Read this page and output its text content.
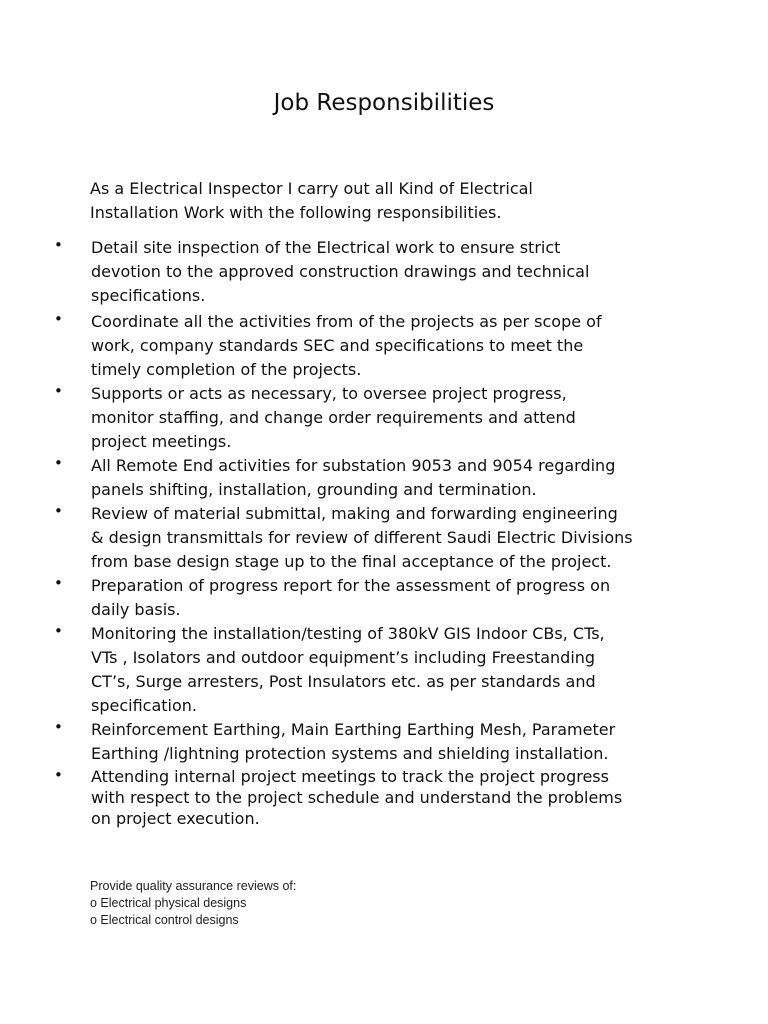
Job Responsibilities
As a Electrical Inspector I carry out all Kind of Electrical
Installation Work with the following responsibilities.
•	Detail site inspection of the Electrical work to ensure strict
devotion to the approved construction drawings and technical
specifications.
•	Coordinate all the activities from of the projects as per scope of
work, company standards SEC and specifications to meet the
timely completion of the projects.
•	Supports or acts as necessary, to oversee project progress,
monitor staffing, and change order requirements and attend
project meetings.
•	All Remote End activities for substation 9053 and 9054 regarding
panels shifting, installation, grounding and termination.
•	Review of material submittal, making and forwarding engineering
& design transmittals for review of different Saudi Electric Divisions
from base design stage up to the final acceptance of the project.
•	Preparation of progress report for the assessment of progress on
daily basis.
•	Monitoring the installation/testing of 380kV GIS Indoor CBs, CTs,
VTs , Isolators and outdoor equipment’s including Freestanding
CT’s, Surge arresters, Post Insulators etc. as per standards and
specification.
•	Reinforcement Earthing, Main Earthing Earthing Mesh, Parameter
Earthing /lightning protection systems and shielding installation.
•	Attending internal project meetings to track the project progress
with respect to the project schedule and understand the problems
on project execution.
Provide quality assurance reviews of:
o Electrical physical designs
o Electrical control designs
